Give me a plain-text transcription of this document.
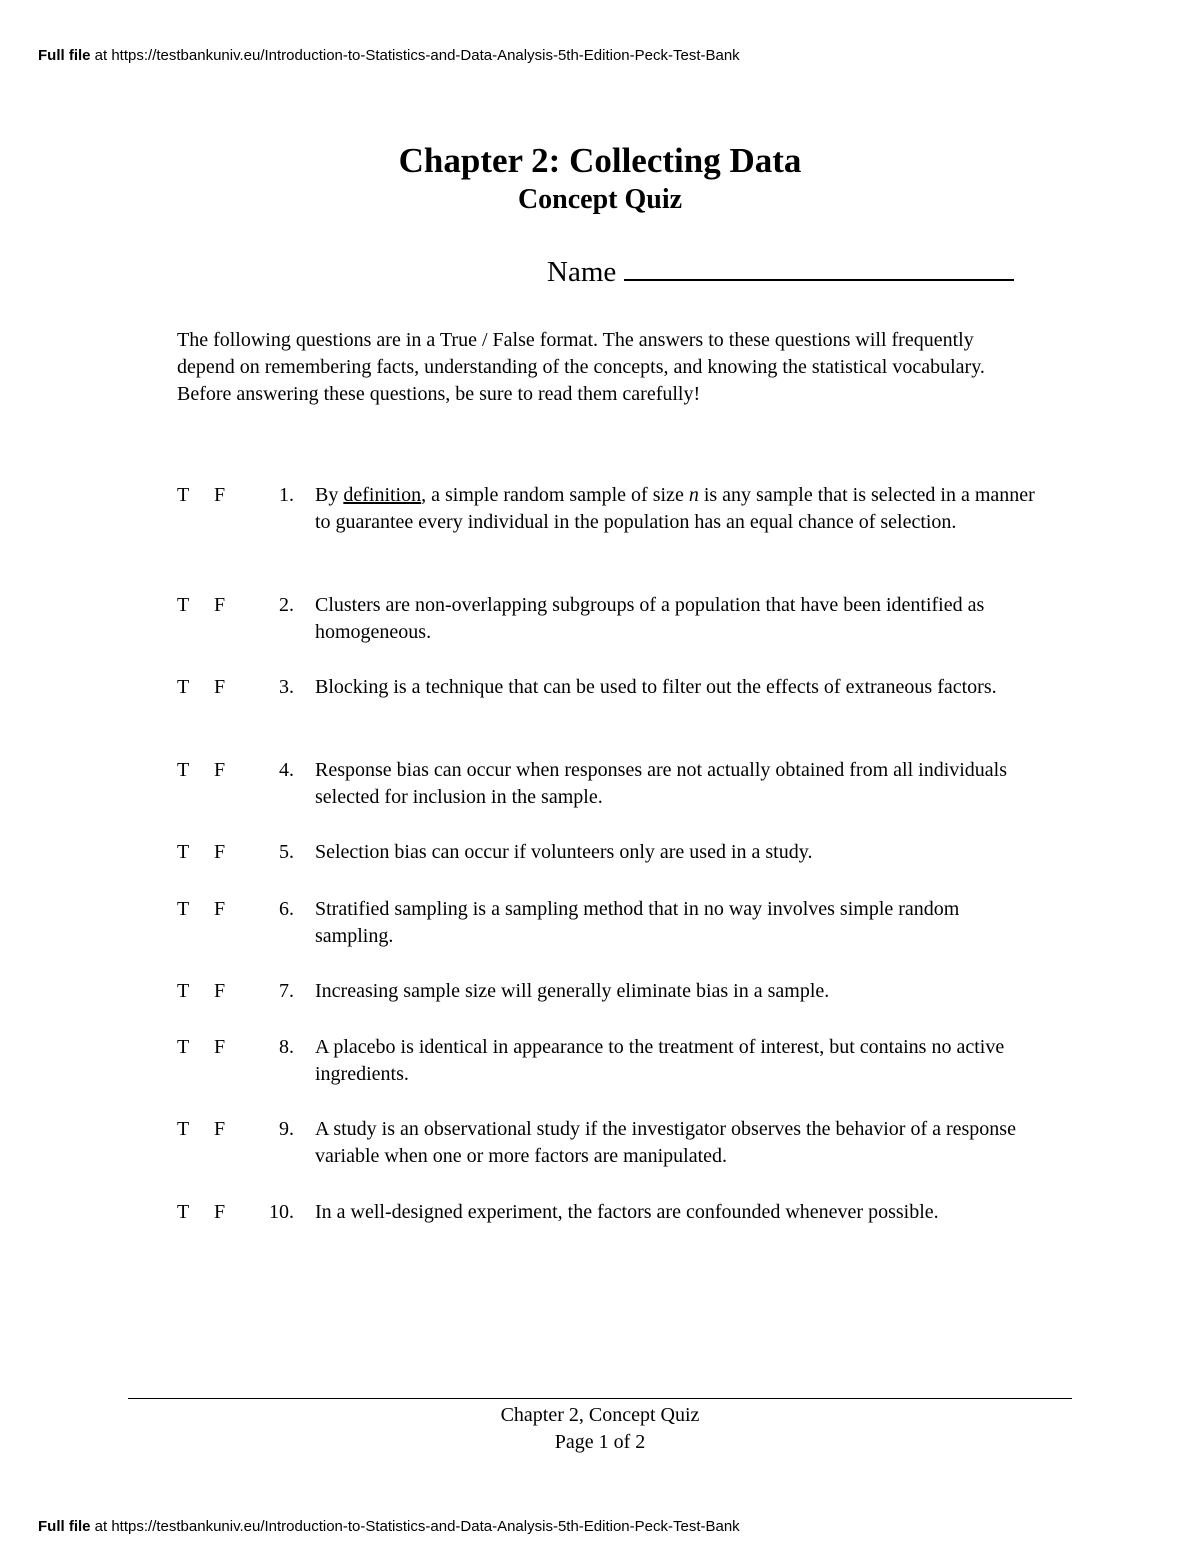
Full file at https://testbankuniv.eu/Introduction-to-Statistics-and-Data-Analysis-5th-Edition-Peck-Test-Bank
Chapter 2: Collecting Data
Concept Quiz
Name
The following questions are in a True / False format. The answers to these questions will frequently depend on remembering facts, understanding of the concepts, and knowing the statistical vocabulary. Before answering these questions, be sure to read them carefully!
T F	1. By definition, a simple random sample of size n is any sample that is selected in a manner to guarantee every individual in the population has an equal chance of selection.
T F	2. Clusters are non-overlapping subgroups of a population that have been identified as homogeneous.
T F	3. Blocking is a technique that can be used to filter out the effects of extraneous factors.
T F	4. Response bias can occur when responses are not actually obtained from all individuals selected for inclusion in the sample.
T F	5. Selection bias can occur if volunteers only are used in a study.
T F	6. Stratified sampling is a sampling method that in no way involves simple random sampling.
T F	7. Increasing sample size will generally eliminate bias in a sample.
T F	8. A placebo is identical in appearance to the treatment of interest, but contains no active ingredients.
T F	9. A study is an observational study if the investigator observes the behavior of a response variable when one or more factors are manipulated.
T F	10. In a well-designed experiment, the factors are confounded whenever possible.
Chapter 2, Concept Quiz
Page 1 of 2
Full file at https://testbankuniv.eu/Introduction-to-Statistics-and-Data-Analysis-5th-Edition-Peck-Test-Bank
